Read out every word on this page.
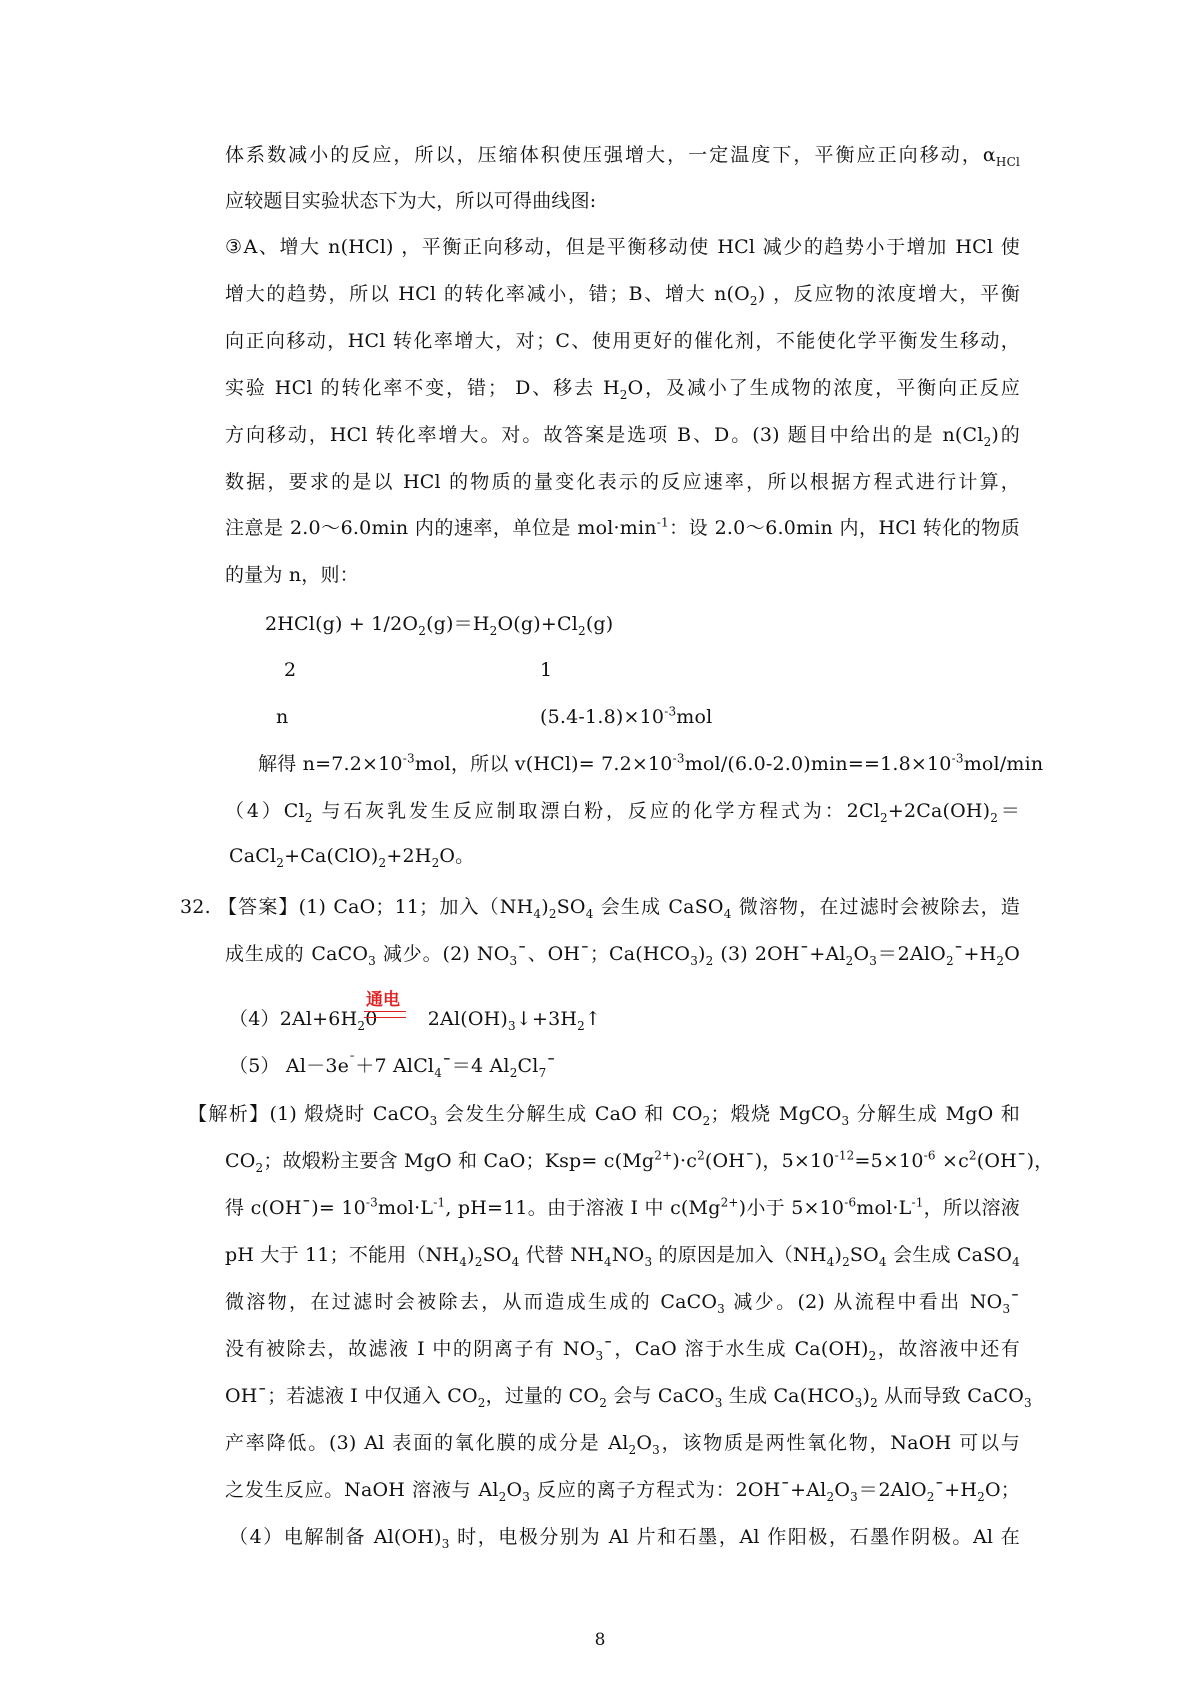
体系数减小的反应，所以，压缩体积使压强增大，一定温度下，平衡应正向移动，$\alpha_{HCl}$
应较题目实验状态下为大，所以可得曲线图:
③A、增大 n(HCl) ，平衡正向移动，但是平衡移动使 HCl 减少的趋势小于增加 HCl 使
增大的趋势，所以 HCl 的转化率减小，错；B、增大 $n(O_2)$ ，反应物的浓度增大，平衡
向正向移动，HCl 转化率增大，对；C、使用更好的催化剂，不能使化学平衡发生移动，
实验 HCl 的转化率不变，错； D、移去 $H_2O$，及减小了生成物的浓度，平衡向正反应
方向移动，HCl 转化率增大。对。故答案是选项 B、D。(3) 题目中给出的是 $n(Cl_2)$的
数据，要求的是以 HCl 的物质的量变化表示的反应速率，所以根据方程式进行计算，
注意是 2.0～6.0min 内的速率，单位是 $mol\cdot\min^{-1}$：设 2.0～6.0min 内，HCl 转化的物质
的量为 n，则：
$2HCl(g) + 1/2O_2(g)=H_2O(g)+Cl_2(g)$
2	1
n	$(5.4-1.8)\times 10^{-3}mol$
解得 $n=7.2\times 10^{-3}mol$，所以 $v(HCl)= 7.2\times 10^{-3}mol/(6.0-2.0)\min==1.8\times 10^{-3}mol/\min$
$(4)Cl_2$ 与石灰乳发生反应制取漂白粉，反应的化学方程式为：$2Cl_2+2Ca(OH)_2=$
$CaCl_2+Ca(ClO)_2+2H_2O$。
32. 【答案】(1) CaO；11；加入$(NH_4)_2SO_4$ 会生成 CaSO$_4$ 微溶物，在过滤时会被除去，造
成生成的 CaCO$_3$ 减少。(2) $NO_3¯$、OH¯；$Ca(HCO_3)_2$ (3) $2OH¯+Al_2O_3=2AlO_2¯+H_2O$
$(4)2Al+6H_20$ $2Al(OH)_3↓+3H_2↑$
通电
（5） Al－3e¯＋7 AlCl$_4$¯＝4 $Al_2Cl_7¯$
【解析】(1) 煅烧时 CaCO$_3$ 会发生分解生成 CaO 和 $CO_2$；煅烧 MgCO$_3$ 分解生成 MgO 和
$CO_2$；故煅粉主要含 MgO 和 CaO；$Ksp= c(Mg^{2+})\cdot c^2(OH¯)$，$5\times 10^{-12}=5\times 10^{-6}$ $\times c^2(OH¯)$，
得 c(OH¯)= $10^{-3}mol\cdot L^{-1}$, pH=11。由于溶液 I 中 $c(Mg^{2+})$小于 $5\times 10^{-6}mol\cdot L^{-1}$，所以溶液
pH 大于 11；不能用$(NH_4)_2SO_4$ 代替 $NH_4NO_3$ 的原因是加入$(NH_4)_2SO_4$ 会生成 CaSO$_4$
微溶物，在过滤时会被除去，从而造成生成的 CaCO$_3$ 减少。(2) 从流程中看出 $NO_3¯$
没有被除去，故滤液 I 中的阴离子有 $NO_3¯$，CaO 溶于水生成 $Ca(OH)_2$，故溶液中还有
OH¯；若滤液 I 中仅通入 $CO_2$，过量的 $CO_2$ 会与 CaCO$_3$ 生成 $Ca(HCO_3)_2$ 从而导致 CaCO$_3$
产率降低。(3) Al 表面的氧化膜的成分是 $Al_2O_3$，该物质是两性氧化物，NaOH 可以与
之发生反应。NaOH 溶液与 $Al_2O_3$ 反应的离子方程式为：$2OH¯+Al_2O_3=2AlO_2¯+H_2O$；
（4）电解制备 $Al(OH)_3$ 时，电极分别为 Al 片和石墨，Al 作阳极，石墨作阴极。Al 在
8
